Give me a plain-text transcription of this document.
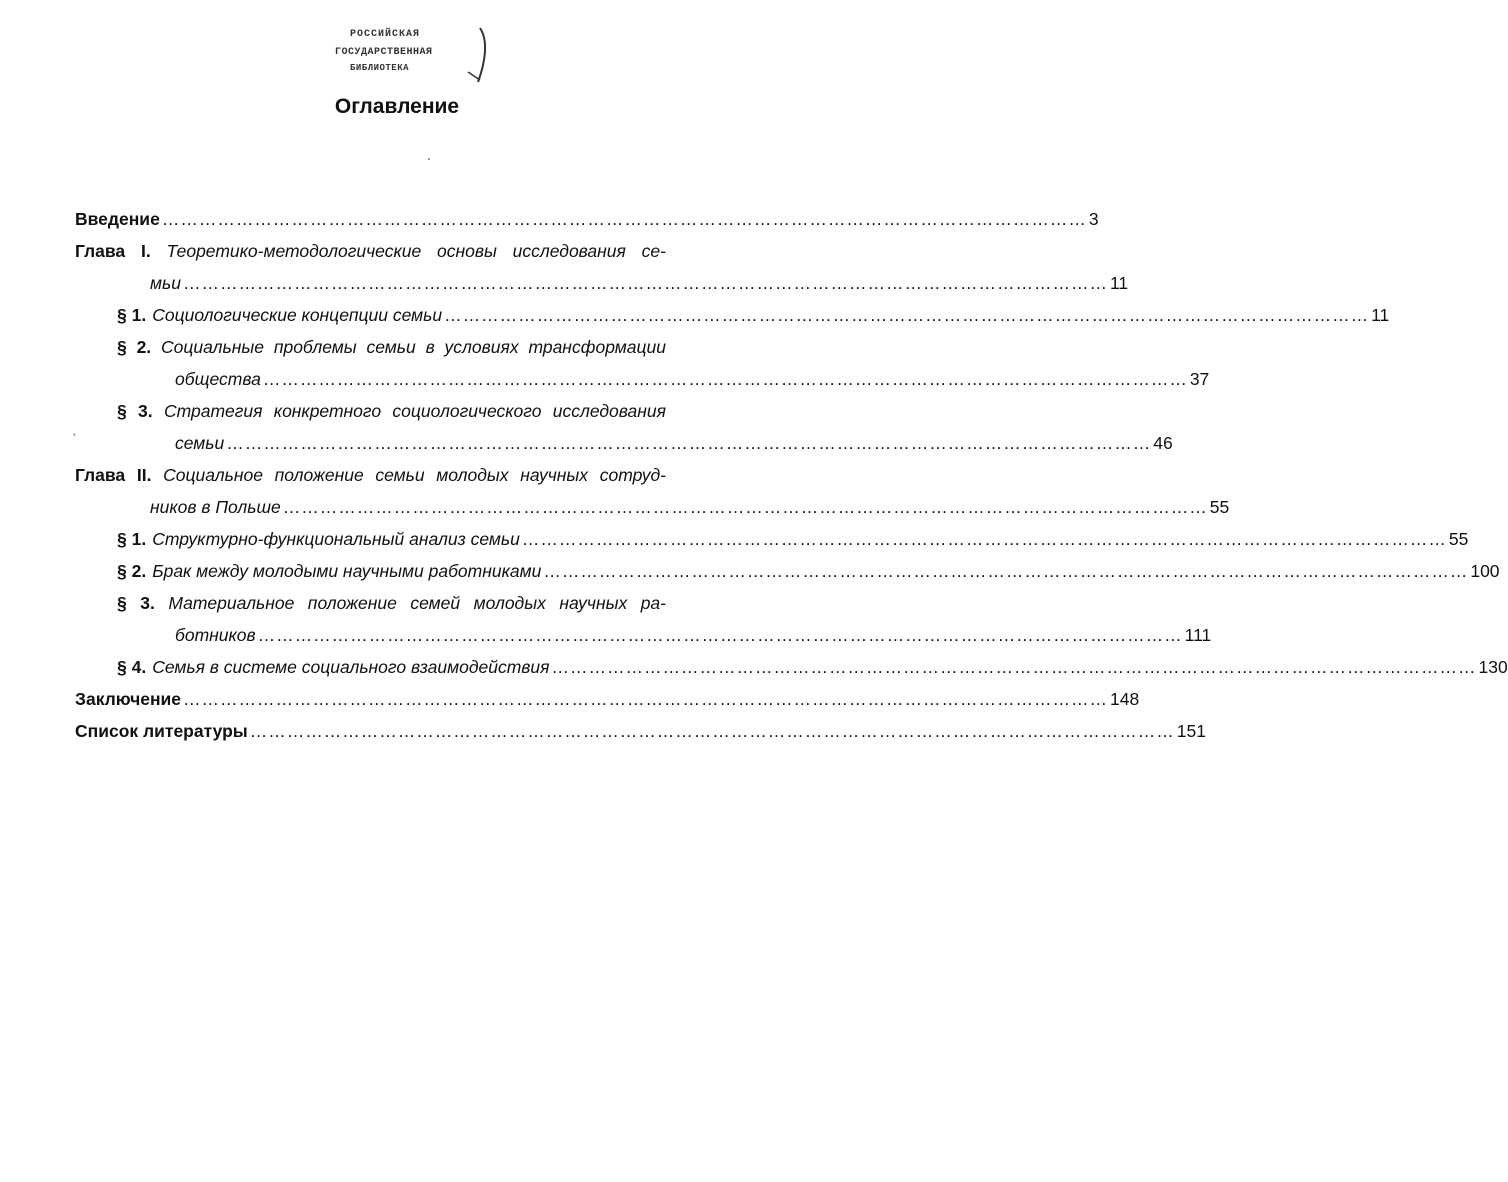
РОССИЙСКАЯ
ГОСУДАРСТВЕННАЯ
БИБЛИОТЕКА
Оглавление
˛
Введение …………………………………………………………………………………………………………………………………… 3
Глава I. Теоретико-методологические основы исследования се-
мьи …………………………………………………………………………………………………………………………………… 11
§ 1. Социологические концепции семьи …………………………………………………………………………………………………………………………………… 11
§ 2. Социальные проблемы семьи в условиях трансформации
общества …………………………………………………………………………………………………………………………………… 37
§ 3. Стратегия конкретного социологического исследования
семьи …………………………………………………………………………………………………………………………………… 46
Глава II. Социальное положение семьи молодых научных сотруд-
ников в Польше …………………………………………………………………………………………………………………………………… 55
§ 1. Структурно-функциональный анализ семьи …………………………………………………………………………………………………………………………………… 55
§ 2. Брак между молодыми научными работниками …………………………………………………………………………………………………………………………………… 100
§ 3. Материальное положение семей молодых научных ра-
ботников …………………………………………………………………………………………………………………………………… 111
§ 4. Семья в системе социального взаимодействия …………………………………………………………………………………………………………………………………… 130
Заключение …………………………………………………………………………………………………………………………………… 148
Список литературы …………………………………………………………………………………………………………………………………… 151
